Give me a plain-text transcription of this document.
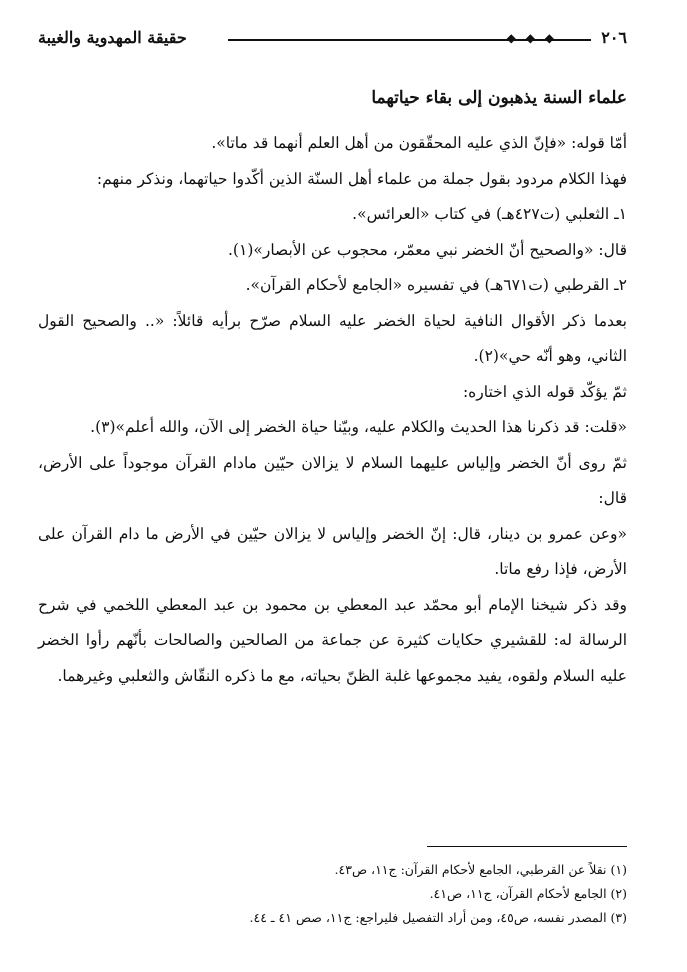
٢٠٦
◆ ◆ ◆
حقيقة المهدوية والغيبة
علماء السنة يذهبون إلى بقاء حياتهما

أمّا قوله: «فإنّ الذي عليه المحقّقون من أهل العلم أنهما قد ماتا».

فهذا الكلام مردود بقول جملة من علماء أهل السنّة الذين أكّدوا حياتهما، ونذكر منهم:

١ـ الثعلبي (ت٤٢٧هـ) في كتاب «العرائس».

قال: «والصحيح أنّ الخضر نبي معمّر، محجوب عن الأبصار»(١).

٢ـ القرطبي (ت٦٧١هـ) في تفسيره «الجامع لأحكام القرآن».

بعدما ذكر الأقوال النافية لحياة الخضر عليه السلام صرّح برأيه قائلاً: «.. والصحيح القول الثاني، وهو أنّه حي»(٢).

ثمّ يؤكّد قوله الذي اختاره:

«قلت: قد ذكرنا هذا الحديث والكلام عليه، وبيّنا حياة الخضر إلى الآن، والله أعلم»(٣).

ثمّ روى أنّ الخضر وإلياس عليهما السلام لا يزالان حيّين مادام القرآن موجوداً على الأرض، قال:

«وعن عمرو بن دينار، قال: إنّ الخضر وإلياس لا يزالان حيّين في الأرض ما دام القرآن على الأرض، فإذا رفع ماتا.

وقد ذكر شيخنا الإمام أبو محمّد عبد المعطي بن محمود بن عبد المعطي اللخمي في شرح الرسالة له: للقشيري حكايات كثيرة عن جماعة من الصالحين والصالحات بأنّهم رأوا الخضر عليه السلام ولقوه، يفيد مجموعها غلبة الظنّ بحياته، مع ما ذكره النقّاش والثعلبي وغيرهما.

(١) نقلاً عن القرطبي، الجامع لأحكام القرآن: ج١١، ص٤٣.

(٢) الجامع لأحكام القرآن، ج١١، ص٤١.

(٣) المصدر نفسه، ص٤٥، ومن أراد التفصيل فليراجع: ج١١، صص ٤١ ـ ٤٤.
